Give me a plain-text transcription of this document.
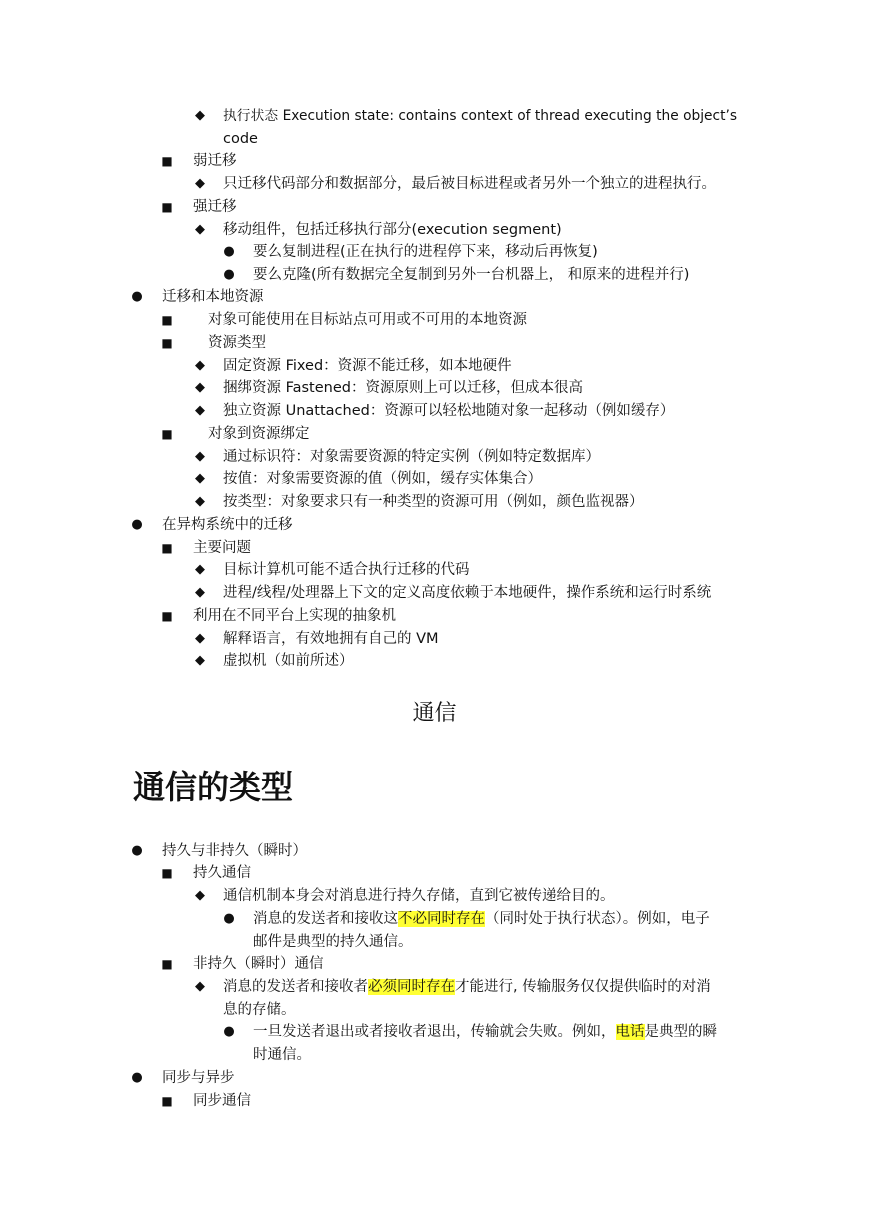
◆ 执行状态 Execution state: contains context of thread executing the object’s
code
■ 弱迁移
◆ 只迁移代码部分和数据部分，最后被目标进程或者另外一个独立的进程执行。
■ 强迁移
◆ 移动组件，包括迁移执行部分(execution segment)
● 要么复制进程(正在执行的进程停下来，移动后再恢复)
● 要么克隆(所有数据完全复制到另外一台机器上， 和原来的进程并行)
● 迁移和本地资源
■ 对象可能使用在目标站点可用或不可用的本地资源
■ 资源类型
◆ 固定资源 Fixed：资源不能迁移，如本地硬件
◆ 捆绑资源 Fastened：资源原则上可以迁移，但成本很高
◆ 独立资源 Unattached：资源可以轻松地随对象一起移动（例如缓存）
■ 对象到资源绑定
◆ 通过标识符：对象需要资源的特定实例（例如特定数据库）
◆ 按值：对象需要资源的值（例如，缓存实体集合）
◆ 按类型：对象要求只有一种类型的资源可用（例如，颜色监视器）
● 在异构系统中的迁移
■ 主要问题
◆ 目标计算机可能不适合执行迁移的代码
◆ 进程/线程/处理器上下文的定义高度依赖于本地硬件，操作系统和运行时系统
■ 利用在不同平台上实现的抽象机
◆ 解释语言，有效地拥有自己的 VM
◆ 虚拟机（如前所述）
通信
通信的类型
● 持久与非持久（瞬时）
■ 持久通信
◆ 通信机制本身会对消息进行持久存储，直到它被传递给目的。
● 消息的发送者和接收这不必同时存在（同时处于执行状态）。例如，电子
邮件是典型的持久通信。
■ 非持久（瞬时）通信
◆ 消息的发送者和接收者必须同时存在才能进行, 传输服务仅仅提供临时的对消
息的存储。
● 一旦发送者退出或者接收者退出，传输就会失败。例如，电话是典型的瞬
时通信。
● 同步与异步
■ 同步通信
